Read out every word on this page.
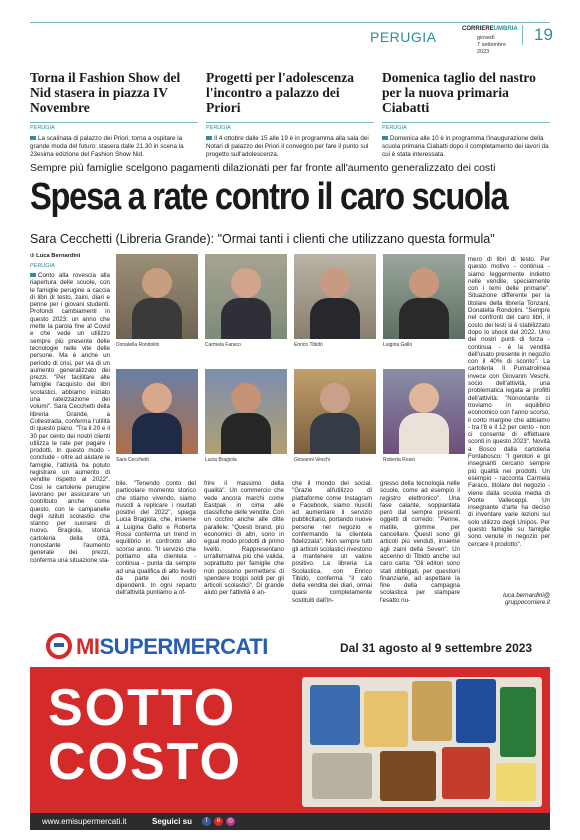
PERUGIA	CORRIEREUMBRIA
giovedì
7 settembre
2023
19
Torna il Fashion Show del Nid stasera in piazza IV Novembre
PERUGIA
La scalinata di palazzo dei Priori, torna a ospitare la grande moda del futuro: stasera dalle 21.30 in scena la 23esima edizione del Fashion Show Nid.
Progetti per l'adolescenza l'incontro a palazzo dei Priori
PERUGIA
Il 4 ottobre dalle 15 alle 19 è in programma alla sala dei Notari di palazzo dei Priori il convegno per fare il punto sul progetto sull'adolescenza.
Domenica taglio del nastro per la nuova primaria Ciabatti
PERUGIA
Domenica alle 10 è in programma l'inaugurazione della scuola primaria Ciabatti dopo il completamento dei lavori da cui è stata interessata.
Sempre più famiglie scelgono pagamenti dilazionati per far fronte all'aumento generalizzato dei costi
Spesa a rate contro il caro scuola
Sara Cecchetti (Libreria Grande): "Ormai tanti i clienti che utilizzano questa formula"
di Luca Bernardini
PERUGIA
Conto alla rovescia alla riapertura delle scuole, con le famiglie perugine a caccia di libri di testo, zaini, diari e penne per i giovani studenti. Profondi cambiamenti in questo 2023: un anno che mette la parola fine al Covid e che vede un utilizzo sempre più presente delle tecnologie nelle vite delle persone. Ma è anche un periodo di crisi, per via di un aumento generalizzato dei prezzi. "Per facilitare alle famiglie l'acquisto dei libri scolastici, abbiamo iniziato una rateizzazione dei volumi". Sara Cecchetti della libreria Grande, a Collestrada, conferma l'utilità di questo piano. "Tra il 20 e il 30 per cento dei nostri clienti utilizza le rate per pagare i prodotti. In questo modo - conclude - oltre ad aiutare le famiglie, l'attività ha potuto registrare un aumento di vendite rispetto al 2022". Così le cartolerie perugine lavorano per assicurare un contributo anche come questo, con le campanelle degli istituti scolastici che stanno per suonare di nuovo. Bragiola, storica cartoleria della città, nonostante l'aumento generale dei prezzi, conferma una situazione sta-
bile. "Tenendo conto del particolare momento storico che stiamo vivendo, siamo riusciti a replicare i risultati positivi del 2022", spiega Lucia Bragiola, che, insieme a Luigina Gallo e Roberta Rossi conferma un trend in equilibrio in confronto allo scorso anno. "Il servizio che portiamo alla clientela - continua - punta da sempre ad una qualifica di alto livello da parte dei nostri dipendenti. In ogni reparto dell'attività puntiamo a of-
frire il massimo della qualità". Un commercio che vede ancora marchi come Eastpak in cima alle classifiche delle vendite. Con un occhio anche alle ditte parallele: "Questi brand, più economici di altri, sono in egual modo prodotti di primo livello. Rappresentano un'alternativa più che valida, soprattutto per famiglie che non possono permettersi di spendere troppi soldi per gli articoli scolastici". Di grande aiuto per l'attività è an-
che il mondo dei social. "Grazie all'utilizzo di piattaforme come Instagram e Facebook, siamo riusciti ad aumentare il servizio pubblicitario, portando nuove persone nel negozio e confermando la clientela fidelizzata". Non sempre tutti gli articoli scolastici rivestono a mantenere un valore positivo. La libreria La Scolastica, con Enrico Tibidò, conferma "il calo della vendita dei diari, ormai quasi completamente sostituiti dall'in-
gresso della tecnologia nelle scuole, come ad esempio il registro elettronico". Una fase calante, soppiantata però dal sempre presenti oggetti di corredo: "Penne, matite, gomme per cancellare. Questi sono gli articoli più venduti, insieme agli zaini della Seven". Un accenno di Tibidò anche sul caro carta: "Gli editori sono stati obbligati, per questioni finanziarie, ad aspettare la fine della campagna scolastica per stampare l'esatto nu-
mero di libri di testo. Per questo motivo - continua - siamo leggermente indietro nelle vendite, specialmente con i temi delle primarie". Situazione differente per la titolare della libreria Tonzani, Donatella Rondolini. "Sempre nel confronti del caro libri, il costo dei testi si è stabilizzato dopo lo shock del 2022. Uno dei nostri punti di forza - continua - è la vendita dell'usato presente in negozio con il 40% di sconto". La cartoleria Il Pumatrolinea invece con Giovanni Veschi, socio dell'attività, una problematica legata ai profitti dell'attività: "Nonostante ci troviamo in equilibrio economico con l'anno scorso, il corto margine che abbiamo - tra l'8 e il 12 per cento - non ci consente di effettuare sconti in questo 2023". Novità a Bosco dalla cartoleria Fontabosco: "I genitori e gli insegnanti cercano sempre più qualità nei prodotti. Un esempio - racconta Carmela Faraco, titolare del negozio - viene dalla scuola media di Ponte Valleceppi. Un insegnante d'arte ha deciso di inventare varie lezioni sul solo utilizzo degli Unipos. Per questo famiglie su famiglie sono venute in negozio per cercare il prodotto".
luca.bernardini@
gruppocorriere.it
Donatella Rondolini	Carmela Faraco	Enrico Tibidò	Luigina Gallo
Sara Cecchetti	Lucia Bragiola	Giovanni Veschi	Roberta Rossi
MISUPERMERCATI	Dal 31 agosto al 9 settembre 2023
SOTTO
COSTO
www.emisupermercati.it	Seguici su	f	e	◎
